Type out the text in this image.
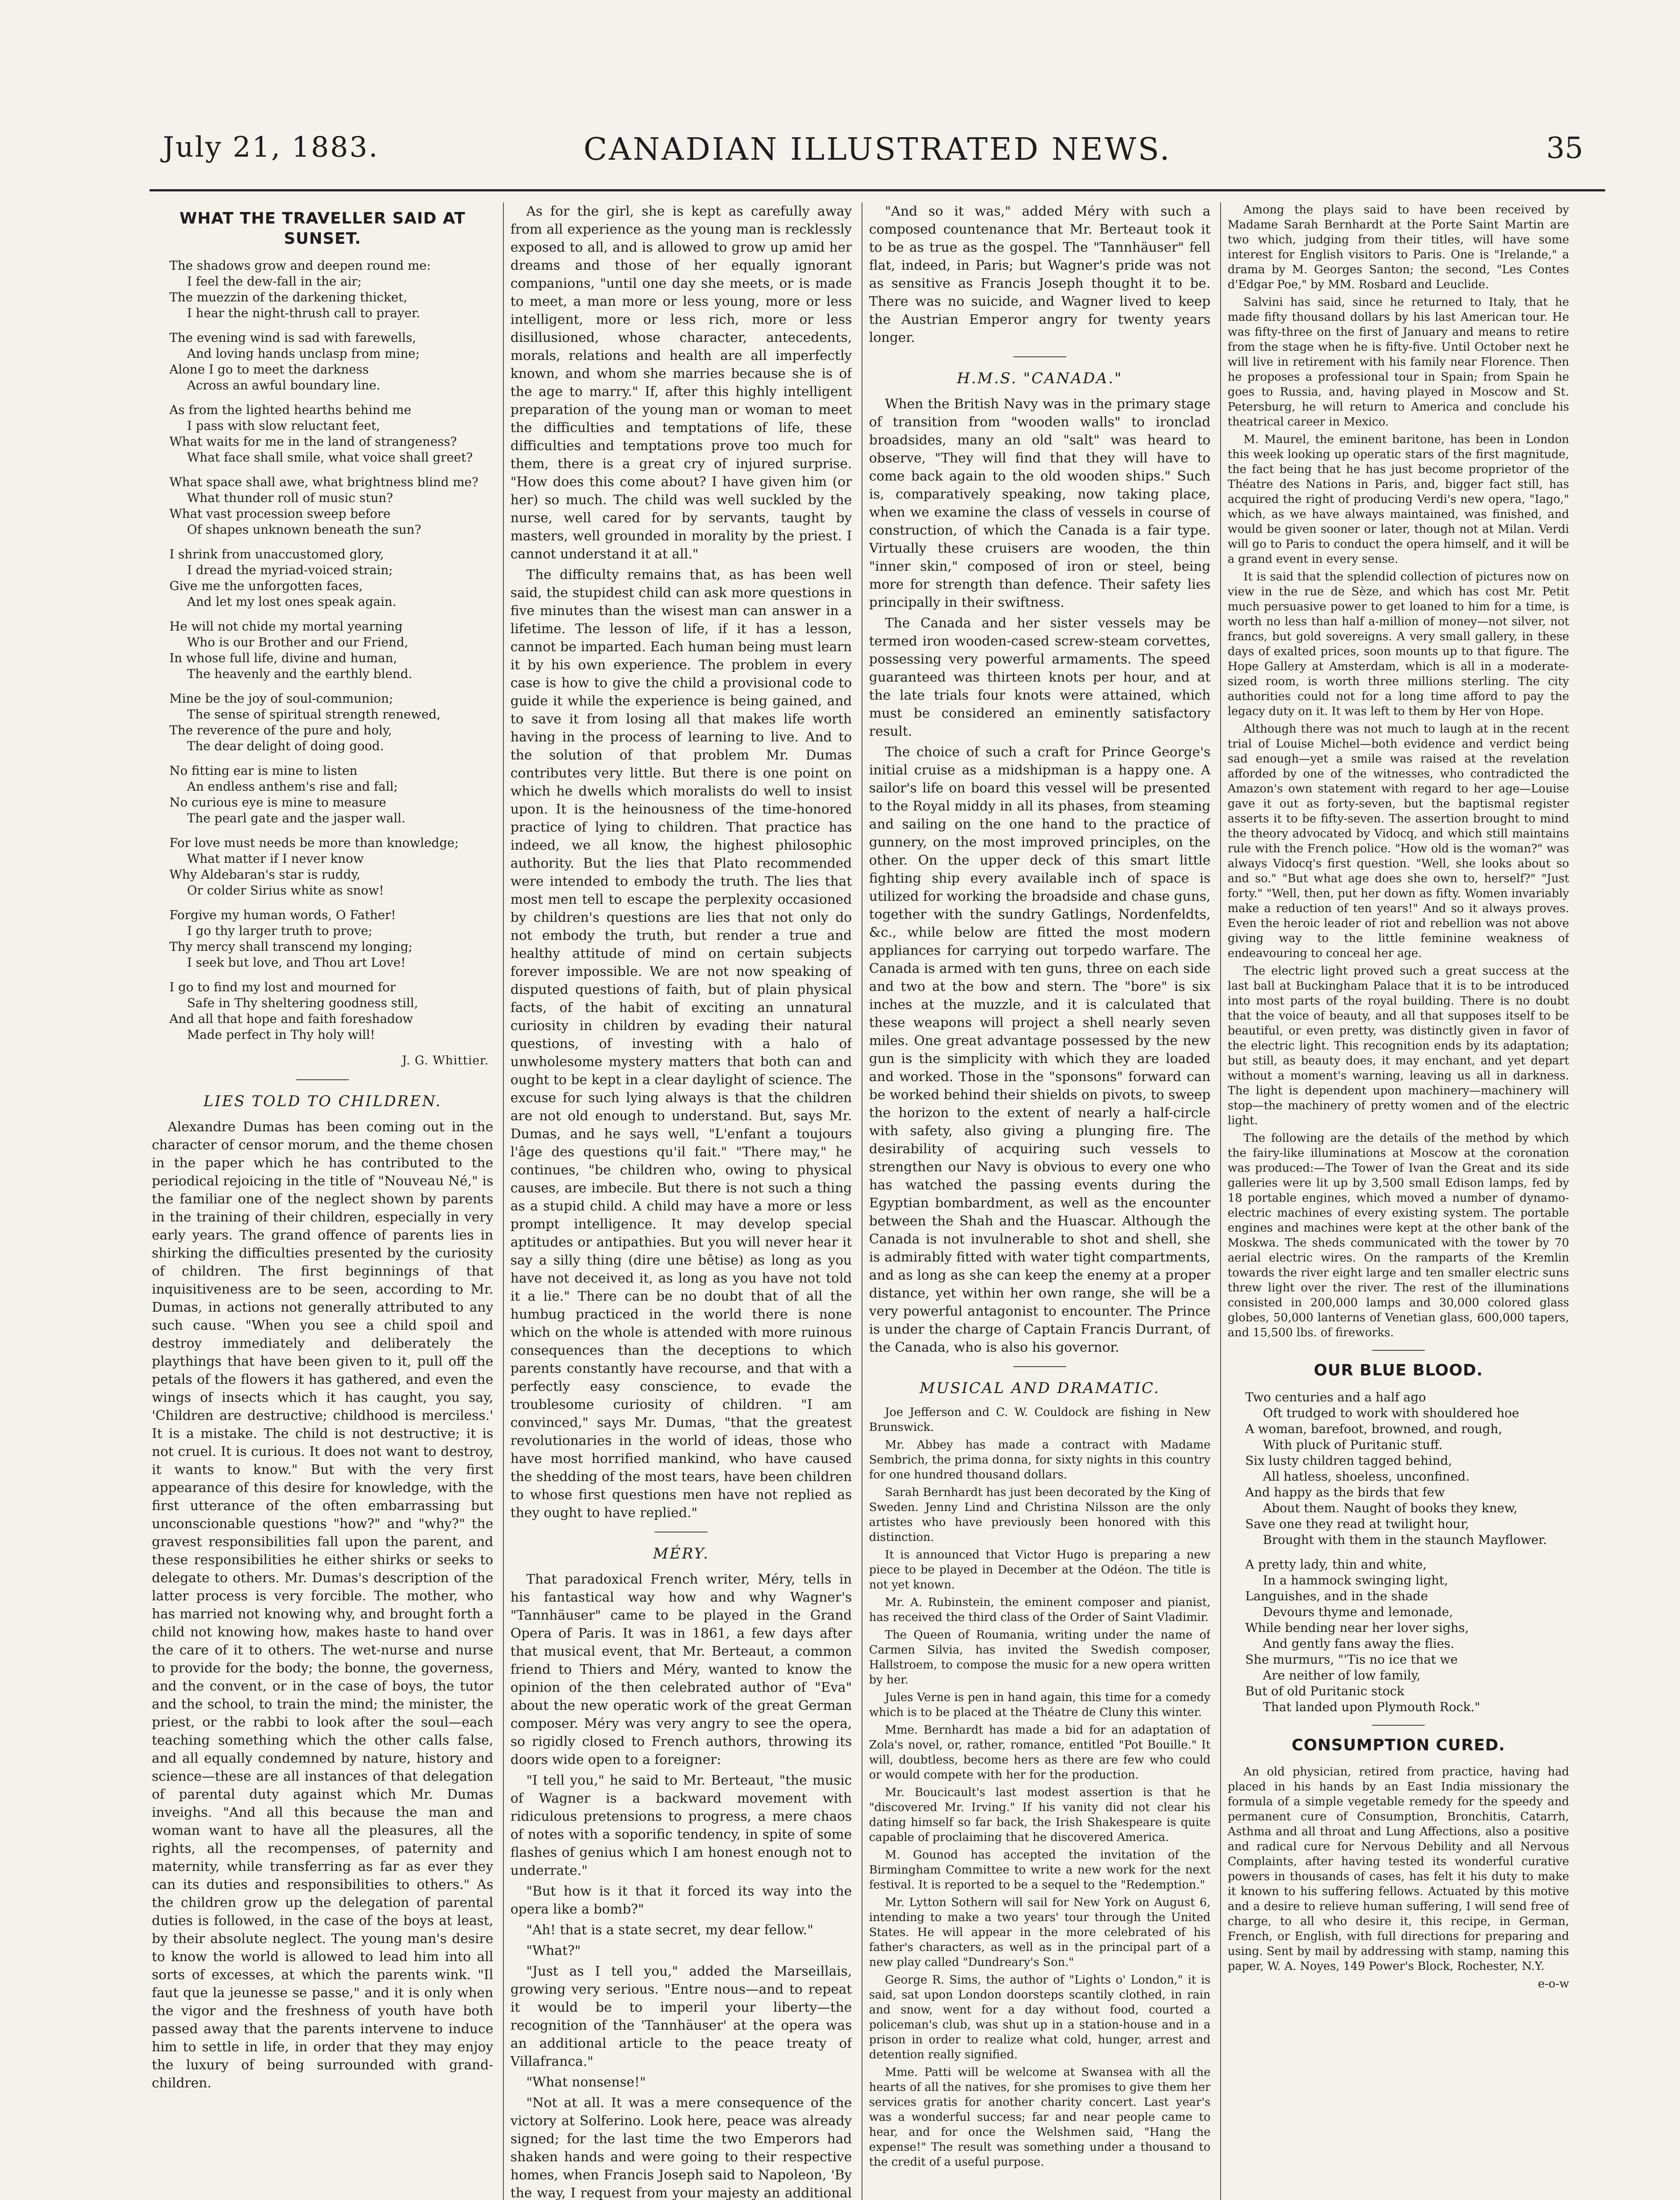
July 21, 1883.	CANADIAN ILLUSTRATED NEWS.	35
WHAT THE TRAVELLER SAID AT SUNSET.
The shadows grow and deepen round me:
I feel the dew-fall in the air;
The muezzin of the darkening thicket,
I hear the night-thrush call to prayer.
The evening wind is sad with farewells,
And loving hands unclasp from mine;
Alone I go to meet the darkness
Across an awful boundary line.
As from the lighted hearths behind me
I pass with slow reluctant feet,
What waits for me in the land of strangeness?
What face shall smile, what voice shall greet?
What space shall awe, what brightness blind me?
What thunder roll of music stun?
What vast procession sweep before
Of shapes unknown beneath the sun?
I shrink from unaccustomed glory,
I dread the myriad-voiced strain;
Give me the unforgotten faces,
And let my lost ones speak again.
He will not chide my mortal yearning
Who is our Brother and our Friend,
In whose full life, divine and human,
The heavenly and the earthly blend.
Mine be the joy of soul-communion;
The sense of spiritual strength renewed,
The reverence of the pure and holy,
The dear delight of doing good.
No fitting ear is mine to listen
An endless anthem's rise and fall;
No curious eye is mine to measure
The pearl gate and the jasper wall.
For love must needs be more than knowledge;
What matter if I never know
Why Aldebaran's star is ruddy,
Or colder Sirius white as snow!
Forgive my human words, O Father!
I go thy larger truth to prove;
Thy mercy shall transcend my longing;
I seek but love, and Thou art Love!
I go to find my lost and mourned for
Safe in Thy sheltering goodness still,
And all that hope and faith foreshadow
Made perfect in Thy holy will!
J. G. Whittier.
LIES TOLD TO CHILDREN.

Alexandre Dumas has been coming out in the character of censor morum, and the theme chosen in the paper which he has contributed to the periodical rejoicing in the title of "Nouveau Né," is the familiar one of the neglect shown by parents in the training of their children, especially in very early years. The grand offence of parents lies in shirking the difficulties presented by the curiosity of children. The first beginnings of that inquisitiveness are to be seen, according to Mr. Dumas, in actions not generally attributed to any such cause. "When you see a child spoil and destroy immediately and deliberately the playthings that have been given to it, pull off the petals of the flowers it has gathered, and even the wings of insects which it has caught, you say, 'Children are destructive; childhood is merciless.' It is a mistake. The child is not destructive; it is not cruel. It is curious. It does not want to destroy, it wants to know." But with the very first appearance of this desire for knowledge, with the first utterance of the often embarrassing but unconscionable questions "how?" and "why?" the gravest responsibilities fall upon the parent, and these responsibilities he either shirks or seeks to delegate to others. Mr. Dumas's description of the latter process is very forcible. The mother, who has married not knowing why, and brought forth a child not knowing how, makes haste to hand over the care of it to others. The wet-nurse and nurse to provide for the body; the bonne, the governess, and the convent, or in the case of boys, the tutor and the school, to train the mind; the minister, the priest, or the rabbi to look after the soul—each teaching something which the other calls false, and all equally condemned by nature, history and science—these are all instances of that delegation of parental duty against which Mr. Dumas inveighs. "And all this because the man and woman want to have all the pleasures, all the rights, all the recompenses, of paternity and maternity, while transferring as far as ever they can its duties and responsibilities to others." As the children grow up the delegation of parental duties is followed, in the case of the boys at least, by their absolute neglect. The young man's desire to know the world is allowed to lead him into all sorts of excesses, at which the parents wink. "Il faut que la jeunesse se passe," and it is only when the vigor and the freshness of youth have both passed away that the parents intervene to induce him to settle in life, in order that they may enjoy the luxury of being surrounded with grand-children.

As for the girl, she is kept as carefully away from all experience as the young man is recklessly exposed to all, and is allowed to grow up amid her dreams and those of her equally ignorant companions, "until one day she meets, or is made to meet, a man more or less young, more or less intelligent, more or less rich, more or less disillusioned, whose character, antecedents, morals, relations and health are all imperfectly known, and whom she marries because she is of the age to marry." If, after this highly intelligent preparation of the young man or woman to meet the difficulties and temptations of life, these difficulties and temptations prove too much for them, there is a great cry of injured surprise. "How does this come about? I have given him (or her) so much. The child was well suckled by the nurse, well cared for by servants, taught by masters, well grounded in morality by the priest. I cannot understand it at all."

The difficulty remains that, as has been well said, the stupidest child can ask more questions in five minutes than the wisest man can answer in a lifetime. The lesson of life, if it has a lesson, cannot be imparted. Each human being must learn it by his own experience. The problem in every case is how to give the child a provisional code to guide it while the experience is being gained, and to save it from losing all that makes life worth having in the process of learning to live. And to the solution of that problem Mr. Dumas contributes very little. But there is one point on which he dwells which moralists do well to insist upon. It is the heinousness of the time-honored practice of lying to children. That practice has indeed, we all know, the highest philosophic authority. But the lies that Plato recommended were intended to embody the truth. The lies that most men tell to escape the perplexity occasioned by children's questions are lies that not only do not embody the truth, but render a true and healthy attitude of mind on certain subjects forever impossible. We are not now speaking of disputed questions of faith, but of plain physical facts, of the habit of exciting an unnatural curiosity in children by evading their natural questions, of investing with a halo of unwholesome mystery matters that both can and ought to be kept in a clear daylight of science. The excuse for such lying always is that the children are not old enough to understand. But, says Mr. Dumas, and he says well, "L'enfant a toujours l'âge des questions qu'il fait." "There may," he continues, "be children who, owing to physical causes, are imbecile. But there is not such a thing as a stupid child. A child may have a more or less prompt intelligence. It may develop special aptitudes or antipathies. But you will never hear it say a silly thing (dire une bêtise) as long as you have not deceived it, as long as you have not told it a lie." There can be no doubt that of all the humbug practiced in the world there is none which on the whole is attended with more ruinous consequences than the deceptions to which parents constantly have recourse, and that with a perfectly easy conscience, to evade the troublesome curiosity of children. "I am convinced," says Mr. Dumas, "that the greatest revolutionaries in the world of ideas, those who have most horrified mankind, who have caused the shedding of the most tears, have been children to whose first questions men have not replied as they ought to have replied."

MÉRY.

That paradoxical French writer, Méry, tells in his fantastical way how and why Wagner's "Tannhäuser" came to be played in the Grand Opera of Paris. It was in 1861, a few days after that musical event, that Mr. Berteaut, a common friend to Thiers and Méry, wanted to know the opinion of the then celebrated author of "Eva" about the new operatic work of the great German composer. Méry was very angry to see the opera, so rigidly closed to French authors, throwing its doors wide open to a foreigner:

"I tell you," he said to Mr. Berteaut, "the music of Wagner is a backward movement with ridiculous pretensions to progress, a mere chaos of notes with a soporific tendency, in spite of some flashes of genius which I am honest enough not to underrate."

"But how is it that it forced its way into the opera like a bomb?"

"Ah! that is a state secret, my dear fellow."

"What?"

"Just as I tell you," added the Marseillais, growing very serious. "Entre nous—and to repeat it would be to imperil your liberty—the recognition of the 'Tannhäuser' at the opera was an additional article to the peace treaty of Villafranca."

"What nonsense!"

"Not at all. It was a mere consequence of the victory at Solferino. Look here, peace was already signed; for the last time the two Emperors had shaken hands and were going to their respective homes, when Francis Joseph said to Napoleon, 'By the way, I request from your majesty an additional

"And so it was," added Méry with such a composed countenance that Mr. Berteaut took it to be as true as the gospel. The "Tannhäuser" fell flat, indeed, in Paris; but Wagner's pride was not as sensitive as Francis Joseph thought it to be. There was no suicide, and Wagner lived to keep the Austrian Emperor angry for twenty years longer.

H.M.S. "CANADA."

When the British Navy was in the primary stage of transition from "wooden walls" to ironclad broadsides, many an old "salt" was heard to observe, "They will find that they will have to come back again to the old wooden ships." Such is, comparatively speaking, now taking place, when we examine the class of vessels in course of construction, of which the Canada is a fair type. Virtually these cruisers are wooden, the thin "inner skin," composed of iron or steel, being more for strength than defence. Their safety lies principally in their swiftness.

The Canada and her sister vessels may be termed iron wooden-cased screw-steam corvettes, possessing very powerful armaments. The speed guaranteed was thirteen knots per hour, and at the late trials four knots were attained, which must be considered an eminently satisfactory result.

The choice of such a craft for Prince George's initial cruise as a midshipman is a happy one. A sailor's life on board this vessel will be presented to the Royal middy in all its phases, from steaming and sailing on the one hand to the practice of gunnery, on the most improved principles, on the other. On the upper deck of this smart little fighting ship every available inch of space is utilized for working the broadside and chase guns, together with the sundry Gatlings, Nordenfeldts, &c., while below are fitted the most modern appliances for carrying out torpedo warfare. The Canada is armed with ten guns, three on each side and two at the bow and stern. The "bore" is six inches at the muzzle, and it is calculated that these weapons will project a shell nearly seven miles. One great advantage possessed by the new gun is the simplicity with which they are loaded and worked. Those in the "sponsons" forward can be worked behind their shields on pivots, to sweep the horizon to the extent of nearly a half-circle with safety, also giving a plunging fire. The desirability of acquiring such vessels to strengthen our Navy is obvious to every one who has watched the passing events during the Egyptian bombardment, as well as the encounter between the Shah and the Huascar. Although the Canada is not invulnerable to shot and shell, she is admirably fitted with water tight compartments, and as long as she can keep the enemy at a proper distance, yet within her own range, she will be a very powerful antagonist to encounter. The Prince is under the charge of Captain Francis Durrant, of the Canada, who is also his governor.

MUSICAL AND DRAMATIC.

Joe Jefferson and C. W. Couldock are fishing in New Brunswick.

Mr. Abbey has made a contract with Madame Sembrich, the prima donna, for sixty nights in this country for one hundred thousand dollars.

Sarah Bernhardt has just been decorated by the King of Sweden. Jenny Lind and Christina Nilsson are the only artistes who have previously been honored with this distinction.

It is announced that Victor Hugo is preparing a new piece to be played in December at the Odéon. The title is not yet known.

Mr. A. Rubinstein, the eminent composer and pianist, has received the third class of the Order of Saint Vladimir.

The Queen of Roumania, writing under the name of Carmen Silvia, has invited the Swedish composer, Hallstroem, to compose the music for a new opera written by her.

Jules Verne is pen in hand again, this time for a comedy which is to be placed at the Théatre de Cluny this winter.

Mme. Bernhardt has made a bid for an adaptation of Zola's novel, or, rather, romance, entitled "Pot Bouille." It will, doubtless, become hers as there are few who could or would compete with her for the production.

Mr. Boucicault's last modest assertion is that he "discovered Mr. Irving." If his vanity did not clear his dating himself so far back, the Irish Shakespeare is quite capable of proclaiming that he discovered America.

M. Gounod has accepted the invitation of the Birmingham Committee to write a new work for the next festival. It is reported to be a sequel to the "Redemption."

Mr. Lytton Sothern will sail for New York on August 6, intending to make a two years' tour through the United States. He will appear in the more celebrated of his father's characters, as well as in the principal part of a new play called "Dundreary's Son."

George R. Sims, the author of "Lights o' London," it is said, sat upon London doorsteps scantily clothed, in rain and snow, went for a day without food, courted a policeman's club, was shut up in a station-house and in a prison in order to realize what cold, hunger, arrest and detention really signified.

Mme. Patti will be welcome at Swansea with all the hearts of all the natives, for she promises to give them her services gratis for another charity concert. Last year's was a wonderful success; far and near people came to hear, and for once the Welshmen said, "Hang the expense!" The result was something under a thousand to the credit of a useful purpose.

Among the plays said to have been received by Madame Sarah Bernhardt at the Porte Saint Martin are two which, judging from their titles, will have some interest for English visitors to Paris. One is "Irelande," a drama by M. Georges Santon; the second, "Les Contes d'Edgar Poe," by MM. Rosbard and Leuclide.

Salvini has said, since he returned to Italy, that he made fifty thousand dollars by his last American tour. He was fifty-three on the first of January and means to retire from the stage when he is fifty-five. Until October next he will live in retirement with his family near Florence. Then he proposes a professional tour in Spain; from Spain he goes to Russia, and, having played in Moscow and St. Petersburg, he will return to America and conclude his theatrical career in Mexico.

M. Maurel, the eminent baritone, has been in London this week looking up operatic stars of the first magnitude, the fact being that he has just become proprietor of the Théatre des Nations in Paris, and, bigger fact still, has acquired the right of producing Verdi's new opera, "Iago," which, as we have always maintained, was finished, and would be given sooner or later, though not at Milan. Verdi will go to Paris to conduct the opera himself, and it will be a grand event in every sense.

It is said that the splendid collection of pictures now on view in the rue de Sèze, and which has cost Mr. Petit much persuasive power to get loaned to him for a time, is worth no less than half a-million of money—not silver, not francs, but gold sovereigns. A very small gallery, in these days of exalted prices, soon mounts up to that figure. The Hope Gallery at Amsterdam, which is all in a moderate-sized room, is worth three millions sterling. The city authorities could not for a long time afford to pay the legacy duty on it. It was left to them by Her von Hope.

Although there was not much to laugh at in the recent trial of Louise Michel—both evidence and verdict being sad enough—yet a smile was raised at the revelation afforded by one of the witnesses, who contradicted the Amazon's own statement with regard to her age—Louise gave it out as forty-seven, but the baptismal register asserts it to be fifty-seven. The assertion brought to mind the theory advocated by Vidocq, and which still maintains rule with the French police. "How old is the woman?" was always Vidocq's first question. "Well, she looks about so and so." "But what age does she own to, herself?" "Just forty." "Well, then, put her down as fifty. Women invariably make a reduction of ten years!" And so it always proves. Even the heroic leader of riot and rebellion was not above giving way to the little feminine weakness of endeavouring to conceal her age.

The electric light proved such a great success at the last ball at Buckingham Palace that it is to be introduced into most parts of the royal building. There is no doubt that the voice of beauty, and all that supposes itself to be beautiful, or even pretty, was distinctly given in favor of the electric light. This recognition ends by its adaptation; but still, as beauty does, it may enchant, and yet depart without a moment's warning, leaving us all in darkness. The light is dependent upon machinery—machinery will stop—the machinery of pretty women and of the electric light.

The following are the details of the method by which the fairy-like illuminations at Moscow at the coronation was produced:—The Tower of Ivan the Great and its side galleries were lit up by 3,500 small Edison lamps, fed by 18 portable engines, which moved a number of dynamo-electric machines of every existing system. The portable engines and machines were kept at the other bank of the Moskwa. The sheds communicated with the tower by 70 aerial electric wires. On the ramparts of the Kremlin towards the river eight large and ten smaller electric suns threw light over the river. The rest of the illuminations consisted in 200,000 lamps and 30,000 colored glass globes, 50,000 lanterns of Venetian glass, 600,000 tapers, and 15,500 lbs. of fireworks.

OUR BLUE BLOOD.
Two centuries and a half ago
Oft trudged to work with shouldered hoe
A woman, barefoot, browned, and rough,
With pluck of Puritanic stuff.
Six lusty children tagged behind,
All hatless, shoeless, unconfined.
And happy as the birds that few
About them. Naught of books they knew,
Save one they read at twilight hour,
Brought with them in the staunch Mayflower.
A pretty lady, thin and white,
In a hammock swinging light,
Languishes, and in the shade
Devours thyme and lemonade,
While bending near her lover sighs,
And gently fans away the flies.
She murmurs, "'Tis no ice that we
Are neither of low family,
But of old Puritanic stock
That landed upon Plymouth Rock."
CONSUMPTION CURED.

An old physician, retired from practice, having had placed in his hands by an East India missionary the formula of a simple vegetable remedy for the speedy and permanent cure of Consumption, Bronchitis, Catarrh, Asthma and all throat and Lung Affections, also a positive and radical cure for Nervous Debility and all Nervous Complaints, after having tested its wonderful curative powers in thousands of cases, has felt it his duty to make it known to his suffering fellows. Actuated by this motive and a desire to relieve human suffering, I will send free of charge, to all who desire it, this recipe, in German, French, or English, with full directions for preparing and using. Sent by mail by addressing with stamp, naming this paper, W. A. Noyes, 149 Power's Block, Rochester, N.Y.

e-o-w
